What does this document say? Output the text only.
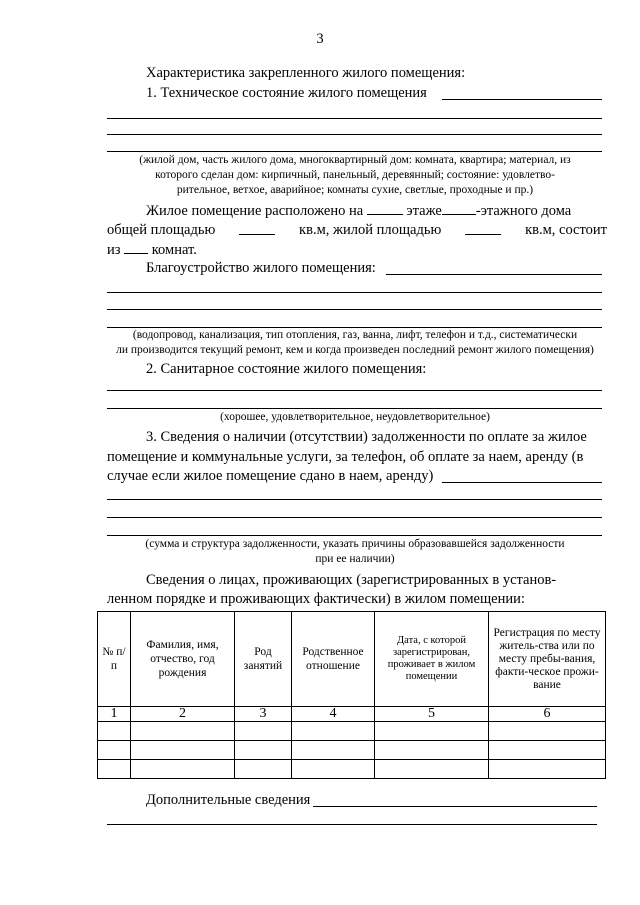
3
Характеристика закрепленного жилого помещения:
1. Техническое состояние жилого помещения
(жилой дом, часть жилого дома, многоквартирный дом: комната, квартира; материал, из
которого сделан дом: кирпичный, панельный, деревянный; состояние: удовлетво-
рительное, ветхое, аварийное; комнаты сухие, светлые, проходные и пр.)
Жилое помещение расположено на	этаже -этажного дома
общей площадью	кв.м, жилой площадью	кв.м, состоит
из комнат.
Благоустройство жилого помещения:
(водопровод, канализация, тип отопления, газ, ванна, лифт, телефон и т.д., систематически
ли производится текущий ремонт, кем и когда произведен последний ремонт жилого помещения)
2. Санитарное состояние жилого помещения:
(хорошее, удовлетворительное, неудовлетворительное)
3. Сведения о наличии (отсутствии) задолженности по оплате за жилое
помещение и коммунальные услуги, за телефон, об оплате за наем, аренду (в
случае если жилое помещение сдано в наем, аренду)
(сумма и структура задолженности, указать причины образовавшейся задолженности
при ее наличии)
Сведения о лицах, проживающих (зарегистрированных в установ-
ленном порядке и проживающих фактически) в жилом помещении:
№ п/п	Фамилия, имя, отчество, год рождения	Род занятий	Родственное отношение	Дата, с которой зарегистрирован, проживает в жилом помещении	Регистрация по месту житель-ства или по месту пребы-вания, факти-ческое прожи-вание
1	2	3	4	5	6

Дополнительные сведения
